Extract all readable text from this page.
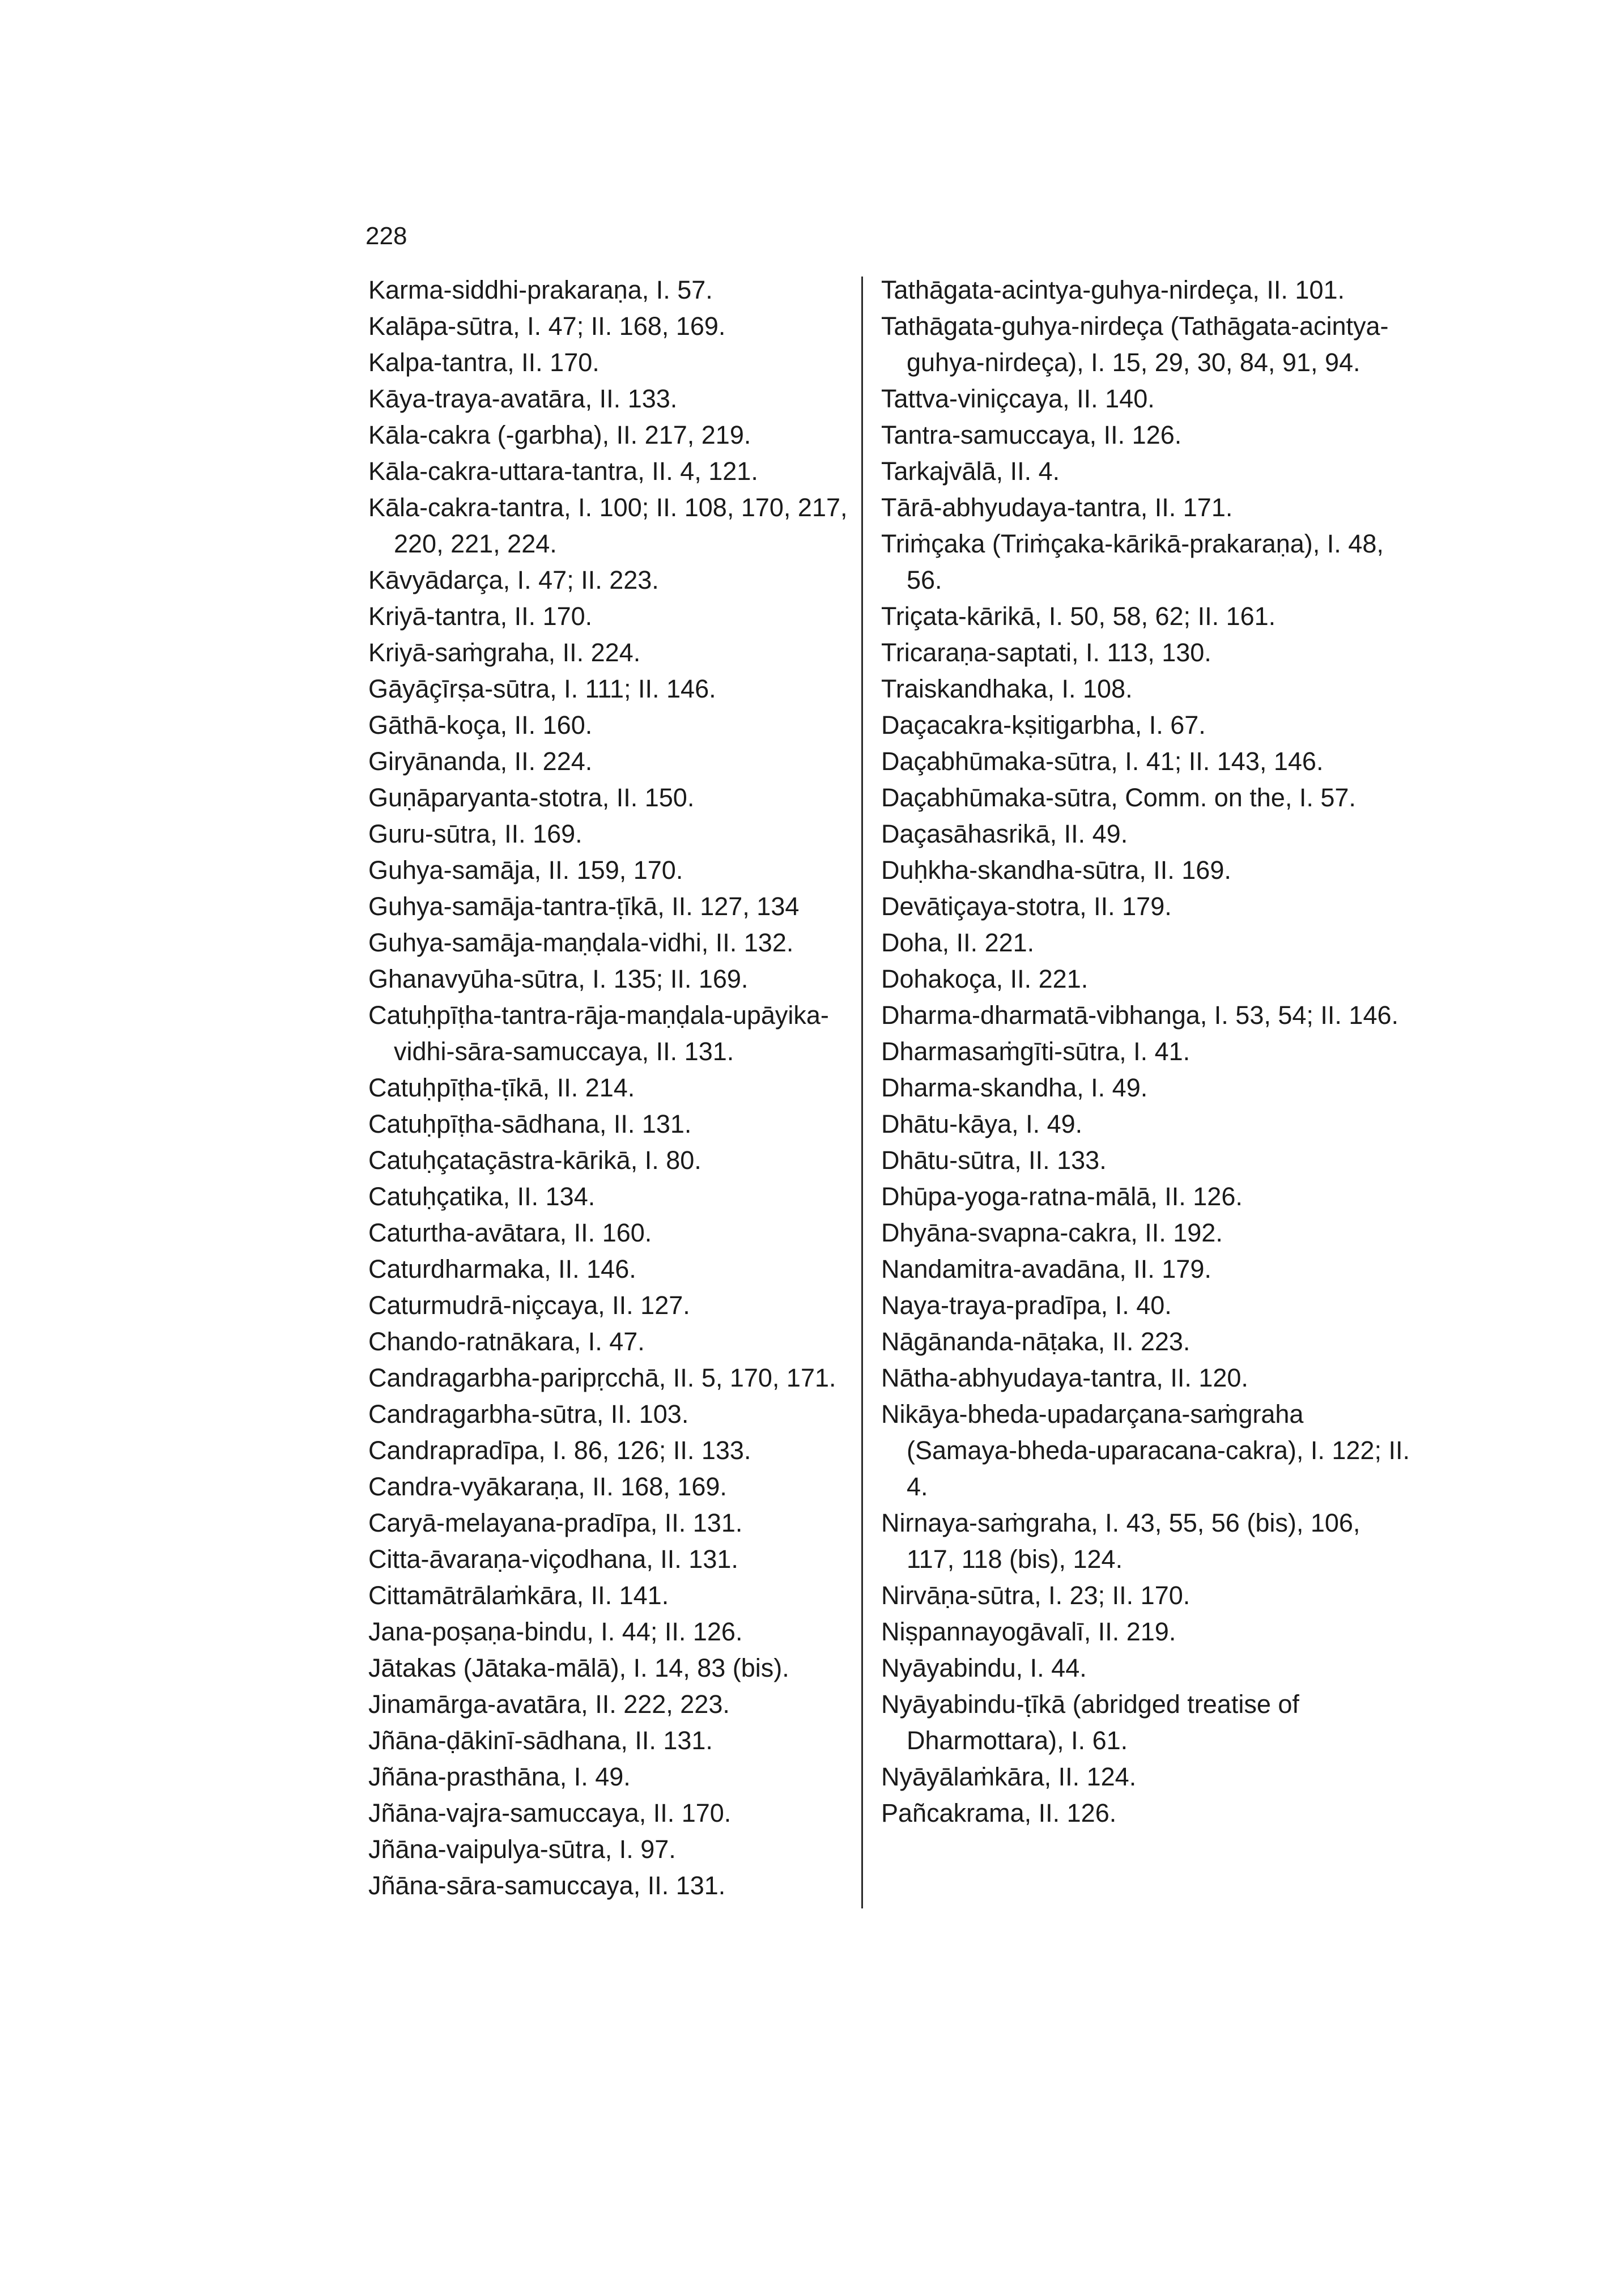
228
Karma-siddhi-prakaraṇa, I. 57.
Kalāpa-sūtra, I. 47; II. 168, 169.
Kalpa-tantra, II. 170.
Kāya-traya-avatāra, II. 133.
Kāla-cakra (-garbha), II. 217, 219.
Kāla-cakra-uttara-tantra, II. 4, 121.
Kāla-cakra-tantra, I. 100; II. 108, 170, 217, 220, 221, 224.
Kāvyādarça, I. 47; II. 223.
Kriyā-tantra, II. 170.
Kriyā-saṁgraha, II. 224.
Gāyāçīrṣa-sūtra, I. 111; II. 146.
Gāthā-koça, II. 160.
Giryānanda, II. 224.
Guṇāparyanta-stotra, II. 150.
Guru-sūtra, II. 169.
Guhya-samāja, II. 159, 170.
Guhya-samāja-tantra-ṭīkā, II. 127, 134
Guhya-samāja-maṇḍala-vidhi, II. 132.
Ghanavyūha-sūtra, I. 135; II. 169.
Catuḥpīṭha-tantra-rāja-maṇḍala-upāyika-vidhi-sāra-samuccaya, II. 131.
Catuḥpīṭha-ṭīkā, II. 214.
Catuḥpīṭha-sādhana, II. 131.
Catuḥçataçāstra-kārikā, I. 80.
Catuḥçatika, II. 134.
Caturtha-avātara, II. 160.
Caturdharmaka, II. 146.
Caturmudrā-niçcaya, II. 127.
Chando-ratnākara, I. 47.
Candragarbha-paripṛcchā, II. 5, 170, 171.
Candragarbha-sūtra, II. 103.
Candrapradīpa, I. 86, 126; II. 133.
Candra-vyākaraṇa, II. 168, 169.
Caryā-melayana-pradīpa, II. 131.
Citta-āvaraṇa-viçodhana, II. 131.
Cittamātrālaṁkāra, II. 141.
Jana-poṣaṇa-bindu, I. 44; II. 126.
Jātakas (Jātaka-mālā), I. 14, 83 (bis).
Jinamārga-avatāra, II. 222, 223.
Jñāna-ḍākinī-sādhana, II. 131.
Jñāna-prasthāna, I. 49.
Jñāna-vajra-samuccaya, II. 170.
Jñāna-vaipulya-sūtra, I. 97.
Jñāna-sāra-samuccaya, II. 131.
Tathāgata-acintya-guhya-nirdeça, II. 101.
Tathāgata-guhya-nirdeça (Tathāgata-acintya-guhya-nirdeça), I. 15, 29, 30, 84, 91, 94.
Tattva-viniçcaya, II. 140.
Tantra-samuccaya, II. 126.
Tarkajvālā, II. 4.
Tārā-abhyudaya-tantra, II. 171.
Triṁçaka (Triṁçaka-kārikā-prakaraṇa), I. 48, 56.
Triçata-kārikā, I. 50, 58, 62; II. 161.
Tricaraṇa-saptati, I. 113, 130.
Traiskandhaka, I. 108.
Daçacakra-kṣitigarbha, I. 67.
Daçabhūmaka-sūtra, I. 41; II. 143, 146.
Daçabhūmaka-sūtra, Comm. on the, I. 57.
Daçasāhasrikā, II. 49.
Duḥkha-skandha-sūtra, II. 169.
Devātiçaya-stotra, II. 179.
Doha, II. 221.
Dohakoça, II. 221.
Dharma-dharmatā-vibhanga, I. 53, 54; II. 146.
Dharmasaṁgīti-sūtra, I. 41.
Dharma-skandha, I. 49.
Dhātu-kāya, I. 49.
Dhātu-sūtra, II. 133.
Dhūpa-yoga-ratna-mālā, II. 126.
Dhyāna-svapna-cakra, II. 192.
Nandamitra-avadāna, II. 179.
Naya-traya-pradīpa, I. 40.
Nāgānanda-nāṭaka, II. 223.
Nātha-abhyudaya-tantra, II. 120.
Nikāya-bheda-upadarçana-saṁgraha (Samaya-bheda-uparacana-cakra), I. 122; II. 4.
Nirnaya-saṁgraha, I. 43, 55, 56 (bis), 106, 117, 118 (bis), 124.
Nirvāṇa-sūtra, I. 23; II. 170.
Niṣpannayogāvalī, II. 219.
Nyāyabindu, I. 44.
Nyāyabindu-ṭīkā (abridged treatise of Dharmottara), I. 61.
Nyāyālaṁkāra, II. 124.
Pañcakrama, II. 126.
